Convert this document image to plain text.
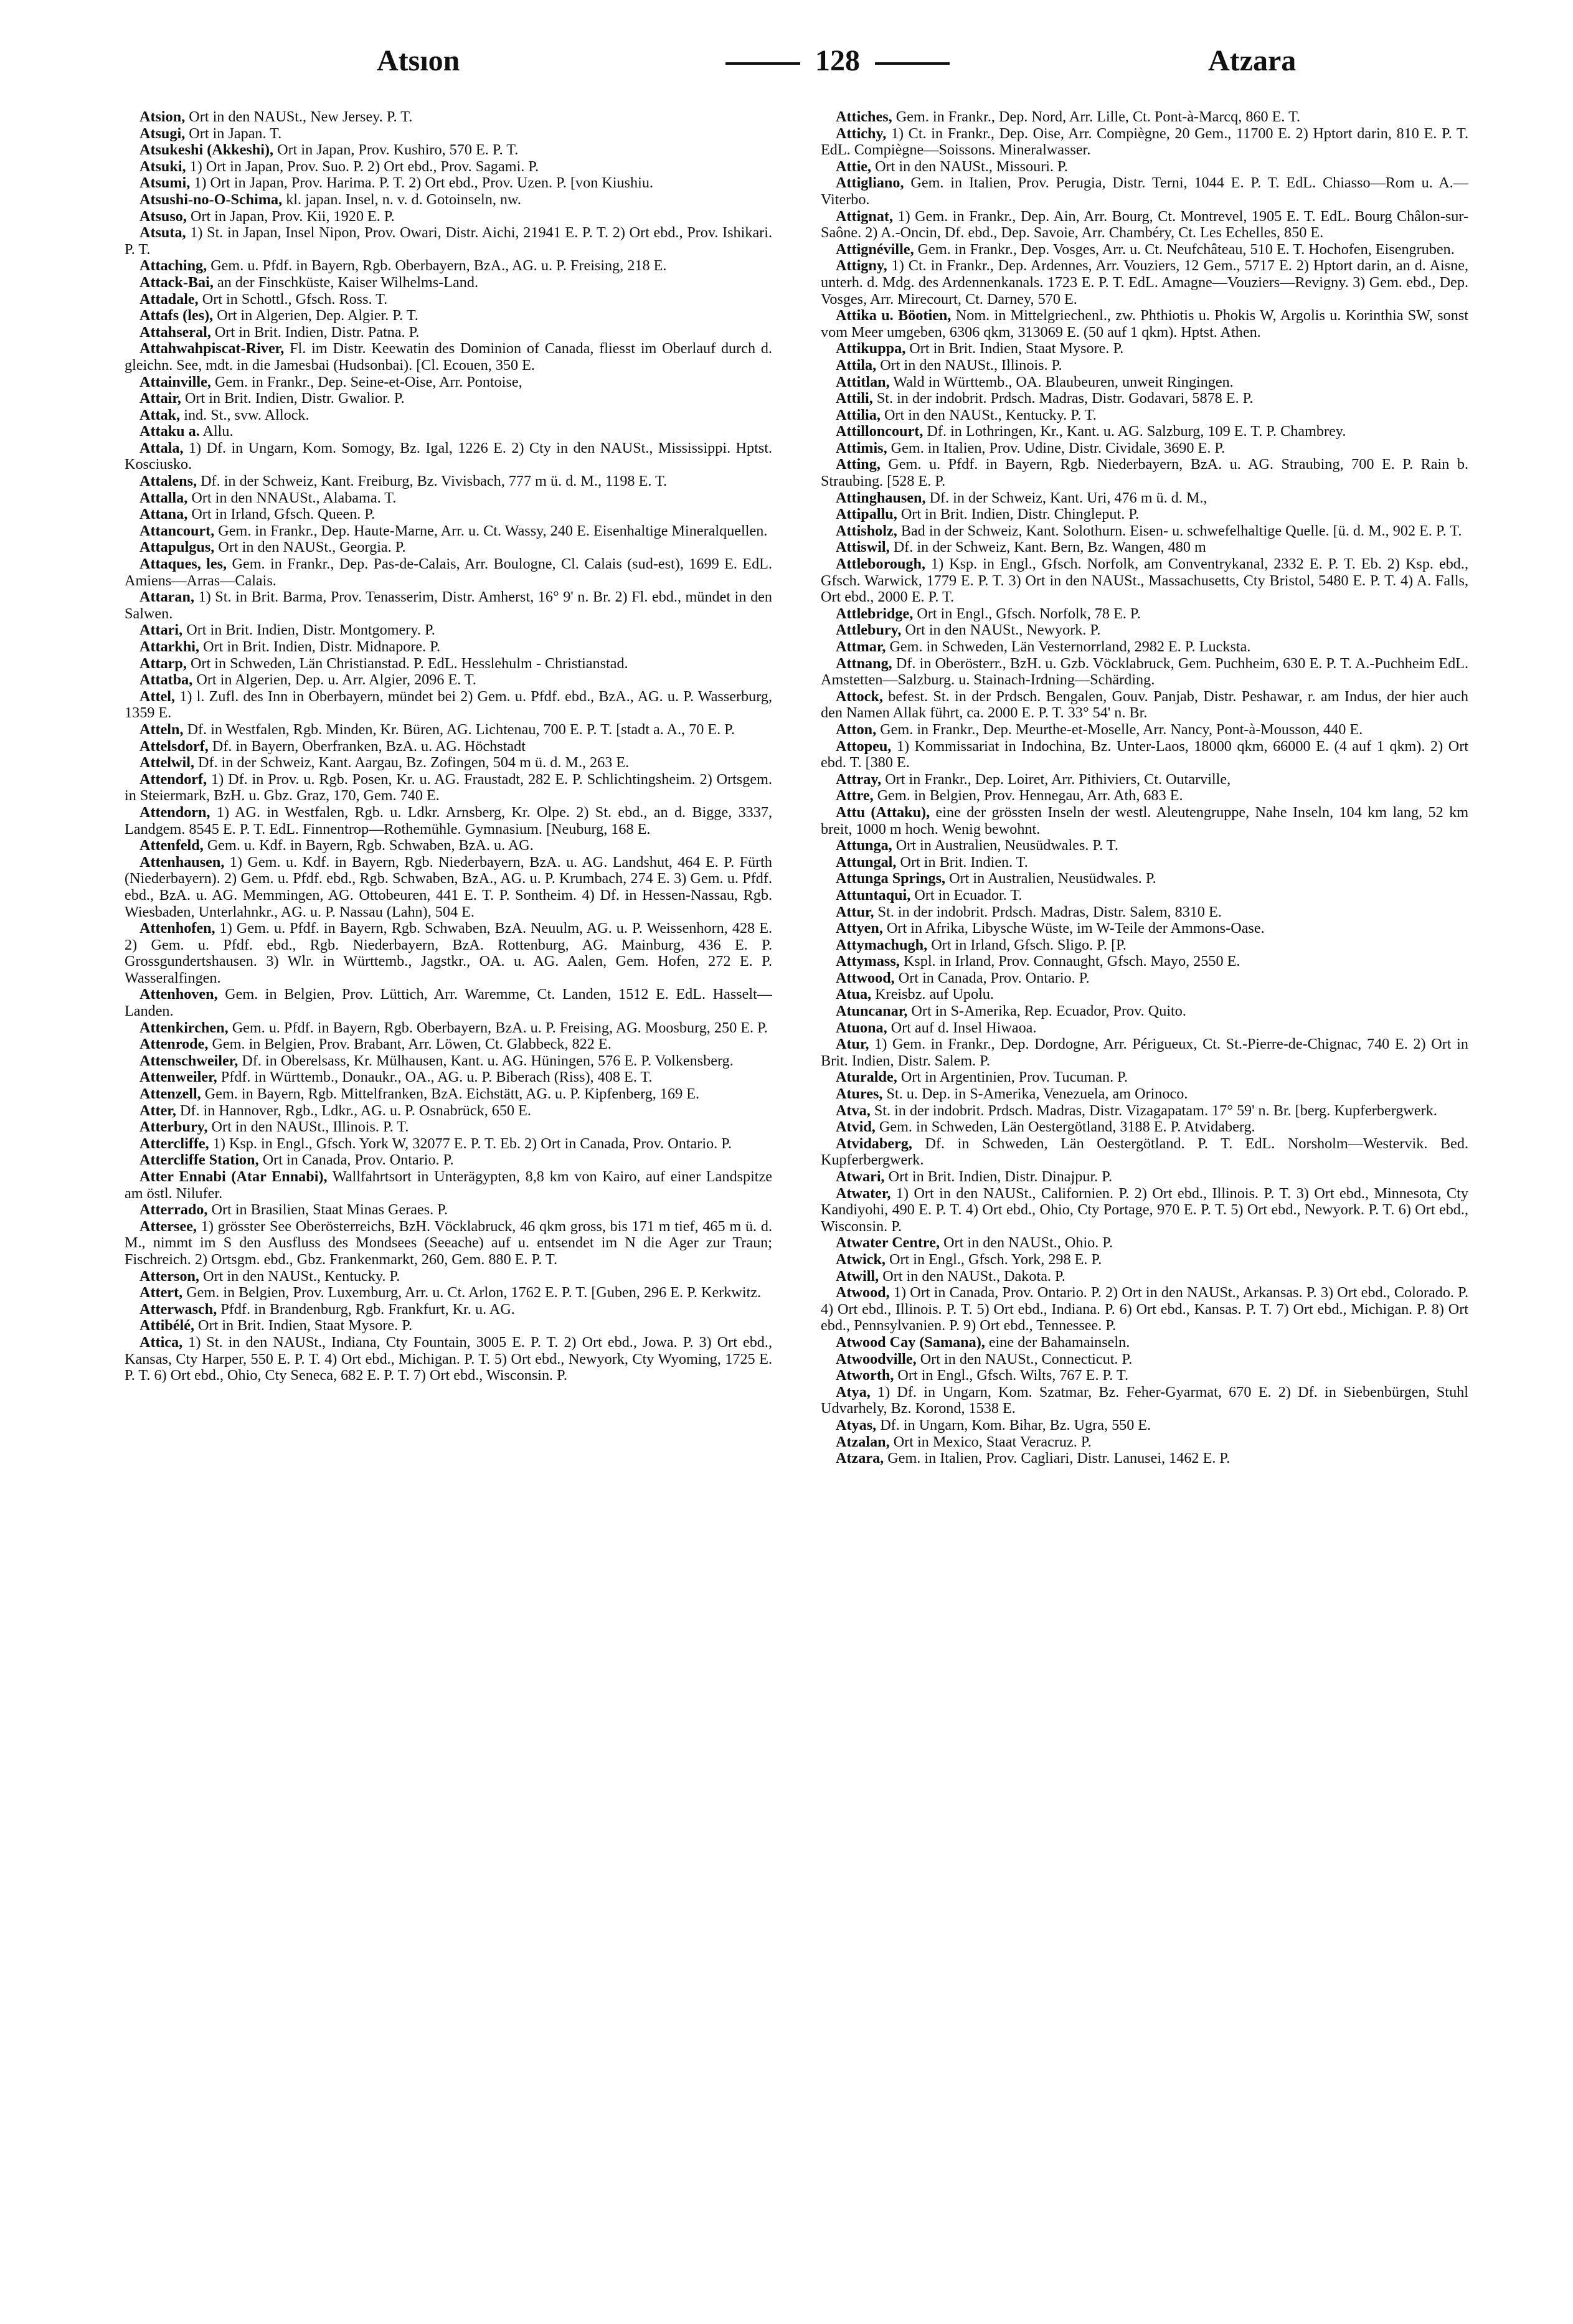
Atsıon	128	Atzara

Atsion, Ort in den NAUSt., New Jersey. P. T.

Atsugi, Ort in Japan. T.

Atsukeshi (Akkeshi), Ort in Japan, Prov. Kushiro, 570 E. P. T.

Atsuki, 1) Ort in Japan, Prov. Suo. P. 2) Ort ebd., Prov. Sagami. P.

Atsumi, 1) Ort in Japan, Prov. Harima. P. T. 2) Ort ebd., Prov. Uzen. P. [von Kiushiu.

Atsushi-no-O-Schima, kl. japan. Insel, n. v. d. Gotoinseln, nw.

Atsuso, Ort in Japan, Prov. Kii, 1920 E. P.

Atsuta, 1) St. in Japan, Insel Nipon, Prov. Owari, Distr. Aichi, 21941 E. P. T. 2) Ort ebd., Prov. Ishikari. P. T.

Attaching, Gem. u. Pfdf. in Bayern, Rgb. Oberbayern, BzA., AG. u. P. Freising, 218 E.

Attack-Bai, an der Finschküste, Kaiser Wilhelms-Land.

Attadale, Ort in Schottl., Gfsch. Ross. T.

Attafs (les), Ort in Algerien, Dep. Algier. P. T.

Attahseral, Ort in Brit. Indien, Distr. Patna. P.

Attahwahpiscat-River, Fl. im Distr. Keewatin des Dominion of Canada, fliesst im Oberlauf durch d. gleichn. See, mdt. in die Jamesbai (Hudsonbai). [Cl. Ecouen, 350 E.

Attainville, Gem. in Frankr., Dep. Seine-et-Oise, Arr. Pontoise,

Attair, Ort in Brit. Indien, Distr. Gwalior. P.

Attak, ind. St., svw. Allock.

Attaku a. Allu.

Attala, 1) Df. in Ungarn, Kom. Somogy, Bz. Igal, 1226 E. 2) Cty in den NAUSt., Mississippi. Hptst. Kosciusko.

Attalens, Df. in der Schweiz, Kant. Freiburg, Bz. Vivisbach, 777 m ü. d. M., 1198 E. T.

Attalla, Ort in den NNAUSt., Alabama. T.

Attana, Ort in Irland, Gfsch. Queen. P.

Attancourt, Gem. in Frankr., Dep. Haute-Marne, Arr. u. Ct. Wassy, 240 E. Eisenhaltige Mineralquellen.

Attapulgus, Ort in den NAUSt., Georgia. P.

Attaques, les, Gem. in Frankr., Dep. Pas-de-Calais, Arr. Boulogne, Cl. Calais (sud-est), 1699 E. EdL. Amiens—Arras—Calais.

Attaran, 1) St. in Brit. Barma, Prov. Tenasserim, Distr. Amherst, 16° 9' n. Br. 2) Fl. ebd., mündet in den Salwen.

Attari, Ort in Brit. Indien, Distr. Montgomery. P.

Attarkhi, Ort in Brit. Indien, Distr. Midnapore. P.

Attarp, Ort in Schweden, Län Christianstad. P. EdL. Hesslehulm - Christianstad.

Attatba, Ort in Algerien, Dep. u. Arr. Algier, 2096 E. T.

Attel, 1) l. Zufl. des Inn in Oberbayern, mündet bei 2) Gem. u. Pfdf. ebd., BzA., AG. u. P. Wasserburg, 1359 E.

Atteln, Df. in Westfalen, Rgb. Minden, Kr. Büren, AG. Lichtenau, 700 E. P. T. [stadt a. A., 70 E. P.

Attelsdorf, Df. in Bayern, Oberfranken, BzA. u. AG. Höchstadt

Attelwil, Df. in der Schweiz, Kant. Aargau, Bz. Zofingen, 504 m ü. d. M., 263 E.

Attendorf, 1) Df. in Prov. u. Rgb. Posen, Kr. u. AG. Fraustadt, 282 E. P. Schlichtingsheim. 2) Ortsgem. in Steiermark, BzH. u. Gbz. Graz, 170, Gem. 740 E.

Attendorn, 1) AG. in Westfalen, Rgb. u. Ldkr. Arnsberg, Kr. Olpe. 2) St. ebd., an d. Bigge, 3337, Landgem. 8545 E. P. T. EdL. Finnentrop—Rothemühle. Gymnasium. [Neuburg, 168 E.

Attenfeld, Gem. u. Kdf. in Bayern, Rgb. Schwaben, BzA. u. AG.

Attenhausen, 1) Gem. u. Kdf. in Bayern, Rgb. Niederbayern, BzA. u. AG. Landshut, 464 E. P. Fürth (Niederbayern). 2) Gem. u. Pfdf. ebd., Rgb. Schwaben, BzA., AG. u. P. Krumbach, 274 E. 3) Gem. u. Pfdf. ebd., BzA. u. AG. Memmingen, AG. Ottobeuren, 441 E. T. P. Sontheim. 4) Df. in Hessen-Nassau, Rgb. Wiesbaden, Unterlahnkr., AG. u. P. Nassau (Lahn), 504 E.

Attenhofen, 1) Gem. u. Pfdf. in Bayern, Rgb. Schwaben, BzA. Neuulm, AG. u. P. Weissenhorn, 428 E. 2) Gem. u. Pfdf. ebd., Rgb. Niederbayern, BzA. Rottenburg, AG. Mainburg, 436 E. P. Grossgundertshausen. 3) Wlr. in Württemb., Jagstkr., OA. u. AG. Aalen, Gem. Hofen, 272 E. P. Wasseralfingen.

Attenhoven, Gem. in Belgien, Prov. Lüttich, Arr. Waremme, Ct. Landen, 1512 E. EdL. Hasselt—Landen.

Attenkirchen, Gem. u. Pfdf. in Bayern, Rgb. Oberbayern, BzA. u. P. Freising, AG. Moosburg, 250 E. P.

Attenrode, Gem. in Belgien, Prov. Brabant, Arr. Löwen, Ct. Glabbeck, 822 E.

Attenschweiler, Df. in Oberelsass, Kr. Mülhausen, Kant. u. AG. Hüningen, 576 E. P. Volkensberg.

Attenweiler, Pfdf. in Württemb., Donaukr., OA., AG. u. P. Biberach (Riss), 408 E. T.

Attenzell, Gem. in Bayern, Rgb. Mittelfranken, BzA. Eichstätt, AG. u. P. Kipfenberg, 169 E.

Atter, Df. in Hannover, Rgb., Ldkr., AG. u. P. Osnabrück, 650 E.

Atterbury, Ort in den NAUSt., Illinois. P. T.

Attercliffe, 1) Ksp. in Engl., Gfsch. York W, 32077 E. P. T. Eb. 2) Ort in Canada, Prov. Ontario. P.

Attercliffe Station, Ort in Canada, Prov. Ontario. P.

Atter Ennabi (Atar Ennabi), Wallfahrtsort in Unterägypten, 8,8 km von Kairo, auf einer Landspitze am östl. Nilufer.

Atterrado, Ort in Brasilien, Staat Minas Geraes. P.

Attersee, 1) grösster See Oberösterreichs, BzH. Vöcklabruck, 46 qkm gross, bis 171 m tief, 465 m ü. d. M., nimmt im S den Ausfluss des Mondsees (Seeache) auf u. entsendet im N die Ager zur Traun; Fischreich. 2) Ortsgm. ebd., Gbz. Frankenmarkt, 260, Gem. 880 E. P. T.

Atterson, Ort in den NAUSt., Kentucky. P.

Attert, Gem. in Belgien, Prov. Luxemburg, Arr. u. Ct. Arlon, 1762 E. P. T. [Guben, 296 E. P. Kerkwitz.

Atterwasch, Pfdf. in Brandenburg, Rgb. Frankfurt, Kr. u. AG.

Attibélé, Ort in Brit. Indien, Staat Mysore. P.

Attica, 1) St. in den NAUSt., Indiana, Cty Fountain, 3005 E. P. T. 2) Ort ebd., Jowa. P. 3) Ort ebd., Kansas, Cty Harper, 550 E. P. T. 4) Ort ebd., Michigan. P. T. 5) Ort ebd., Newyork, Cty Wyoming, 1725 E. P. T. 6) Ort ebd., Ohio, Cty Seneca, 682 E. P. T. 7) Ort ebd., Wisconsin. P.

Attiches, Gem. in Frankr., Dep. Nord, Arr. Lille, Ct. Pont-à-Marcq, 860 E. T.

Attichy, 1) Ct. in Frankr., Dep. Oise, Arr. Compiègne, 20 Gem., 11700 E. 2) Hptort darin, 810 E. P. T. EdL. Compiègne—Soissons. Mineralwasser.

Attie, Ort in den NAUSt., Missouri. P.

Attigliano, Gem. in Italien, Prov. Perugia, Distr. Terni, 1044 E. P. T. EdL. Chiasso—Rom u. A.—Viterbo.

Attignat, 1) Gem. in Frankr., Dep. Ain, Arr. Bourg, Ct. Montrevel, 1905 E. T. EdL. Bourg Châlon-sur-Saône. 2) A.-Oncin, Df. ebd., Dep. Savoie, Arr. Chambéry, Ct. Les Echelles, 850 E.

Attignéville, Gem. in Frankr., Dep. Vosges, Arr. u. Ct. Neufchâteau, 510 E. T. Hochofen, Eisengruben.

Attigny, 1) Ct. in Frankr., Dep. Ardennes, Arr. Vouziers, 12 Gem., 5717 E. 2) Hptort darin, an d. Aisne, unterh. d. Mdg. des Ardennenkanals. 1723 E. P. T. EdL. Amagne—Vouziers—Revigny. 3) Gem. ebd., Dep. Vosges, Arr. Mirecourt, Ct. Darney, 570 E.

Attika u. Böotien, Nom. in Mittelgriechenl., zw. Phthiotis u. Phokis W, Argolis u. Korinthia SW, sonst vom Meer umgeben, 6306 qkm, 313069 E. (50 auf 1 qkm). Hptst. Athen.

Attikuppa, Ort in Brit. Indien, Staat Mysore. P.

Attila, Ort in den NAUSt., Illinois. P.

Attitlan, Wald in Württemb., OA. Blaubeuren, unweit Ringingen.

Attili, St. in der indobrit. Prdsch. Madras, Distr. Godavari, 5878 E. P.

Attilia, Ort in den NAUSt., Kentucky. P. T.

Attilloncourt, Df. in Lothringen, Kr., Kant. u. AG. Salzburg, 109 E. T. P. Chambrey.

Attimis, Gem. in Italien, Prov. Udine, Distr. Cividale, 3690 E. P.

Atting, Gem. u. Pfdf. in Bayern, Rgb. Niederbayern, BzA. u. AG. Straubing, 700 E. P. Rain b. Straubing. [528 E. P.

Attinghausen, Df. in der Schweiz, Kant. Uri, 476 m ü. d. M.,

Attipallu, Ort in Brit. Indien, Distr. Chingleput. P.

Attisholz, Bad in der Schweiz, Kant. Solothurn. Eisen- u. schwefelhaltige Quelle. [ü. d. M., 902 E. P. T.

Attiswil, Df. in der Schweiz, Kant. Bern, Bz. Wangen, 480 m

Attleborough, 1) Ksp. in Engl., Gfsch. Norfolk, am Conventrykanal, 2332 E. P. T. Eb. 2) Ksp. ebd., Gfsch. Warwick, 1779 E. P. T. 3) Ort in den NAUSt., Massachusetts, Cty Bristol, 5480 E. P. T. 4) A. Falls, Ort ebd., 2000 E. P. T.

Attlebridge, Ort in Engl., Gfsch. Norfolk, 78 E. P.

Attlebury, Ort in den NAUSt., Newyork. P.

Attmar, Gem. in Schweden, Län Vesternorrland, 2982 E. P. Lucksta.

Attnang, Df. in Oberösterr., BzH. u. Gzb. Vöcklabruck, Gem. Puchheim, 630 E. P. T. A.-Puchheim EdL. Amstetten—Salzburg. u. Stainach-Irdning—Schärding.

Attock, befest. St. in der Prdsch. Bengalen, Gouv. Panjab, Distr. Peshawar, r. am Indus, der hier auch den Namen Allak führt, ca. 2000 E. P. T. 33° 54' n. Br.

Atton, Gem. in Frankr., Dep. Meurthe-et-Moselle, Arr. Nancy, Pont-à-Mousson, 440 E.

Attopeu, 1) Kommissariat in Indochina, Bz. Unter-Laos, 18000 qkm, 66000 E. (4 auf 1 qkm). 2) Ort ebd. T. [380 E.

Attray, Ort in Frankr., Dep. Loiret, Arr. Pithiviers, Ct. Outarville,

Attre, Gem. in Belgien, Prov. Hennegau, Arr. Ath, 683 E.

Attu (Attaku), eine der grössten Inseln der westl. Aleutengruppe, Nahe Inseln, 104 km lang, 52 km breit, 1000 m hoch. Wenig bewohnt.

Attunga, Ort in Australien, Neusüdwales. P. T.

Attungal, Ort in Brit. Indien. T.

Attunga Springs, Ort in Australien, Neusüdwales. P.

Attuntaqui, Ort in Ecuador. T.

Attur, St. in der indobrit. Prdsch. Madras, Distr. Salem, 8310 E.

Attyen, Ort in Afrika, Libysche Wüste, im W-Teile der Ammons-Oase.

Attymachugh, Ort in Irland, Gfsch. Sligo. P. [P.

Attymass, Kspl. in Irland, Prov. Connaught, Gfsch. Mayo, 2550 E.

Attwood, Ort in Canada, Prov. Ontario. P.

Atua, Kreisbz. auf Upolu.

Atuncanar, Ort in S-Amerika, Rep. Ecuador, Prov. Quito.

Atuona, Ort auf d. Insel Hiwaoa.

Atur, 1) Gem. in Frankr., Dep. Dordogne, Arr. Périgueux, Ct. St.-Pierre-de-Chignac, 740 E. 2) Ort in Brit. Indien, Distr. Salem. P.

Aturalde, Ort in Argentinien, Prov. Tucuman. P.

Atures, St. u. Dep. in S-Amerika, Venezuela, am Orinoco.

Atva, St. in der indobrit. Prdsch. Madras, Distr. Vizagapatam. 17° 59' n. Br. [berg. Kupferbergwerk.

Atvid, Gem. in Schweden, Län Oestergötland, 3188 E. P. Atvidaberg.

Atvidaberg, Df. in Schweden, Län Oestergötland. P. T. EdL. Norsholm—Westervik. Bed. Kupferbergwerk.

Atwari, Ort in Brit. Indien, Distr. Dinajpur. P.

Atwater, 1) Ort in den NAUSt., Californien. P. 2) Ort ebd., Illinois. P. T. 3) Ort ebd., Minnesota, Cty Kandiyohi, 490 E. P. T. 4) Ort ebd., Ohio, Cty Portage, 970 E. P. T. 5) Ort ebd., Newyork. P. T. 6) Ort ebd., Wisconsin. P.

Atwater Centre, Ort in den NAUSt., Ohio. P.

Atwick, Ort in Engl., Gfsch. York, 298 E. P.

Atwill, Ort in den NAUSt., Dakota. P.

Atwood, 1) Ort in Canada, Prov. Ontario. P. 2) Ort in den NAUSt., Arkansas. P. 3) Ort ebd., Colorado. P. 4) Ort ebd., Illinois. P. T. 5) Ort ebd., Indiana. P. 6) Ort ebd., Kansas. P. T. 7) Ort ebd., Michigan. P. 8) Ort ebd., Pennsylvanien. P. 9) Ort ebd., Tennessee. P.

Atwood Cay (Samana), eine der Bahamainseln.

Atwoodville, Ort in den NAUSt., Connecticut. P.

Atworth, Ort in Engl., Gfsch. Wilts, 767 E. P. T.

Atya, 1) Df. in Ungarn, Kom. Szatmar, Bz. Feher-Gyarmat, 670 E. 2) Df. in Siebenbürgen, Stuhl Udvarhely, Bz. Korond, 1538 E.

Atyas, Df. in Ungarn, Kom. Bihar, Bz. Ugra, 550 E.

Atzalan, Ort in Mexico, Staat Veracruz. P.

Atzara, Gem. in Italien, Prov. Cagliari, Distr. Lanusei, 1462 E. P.
